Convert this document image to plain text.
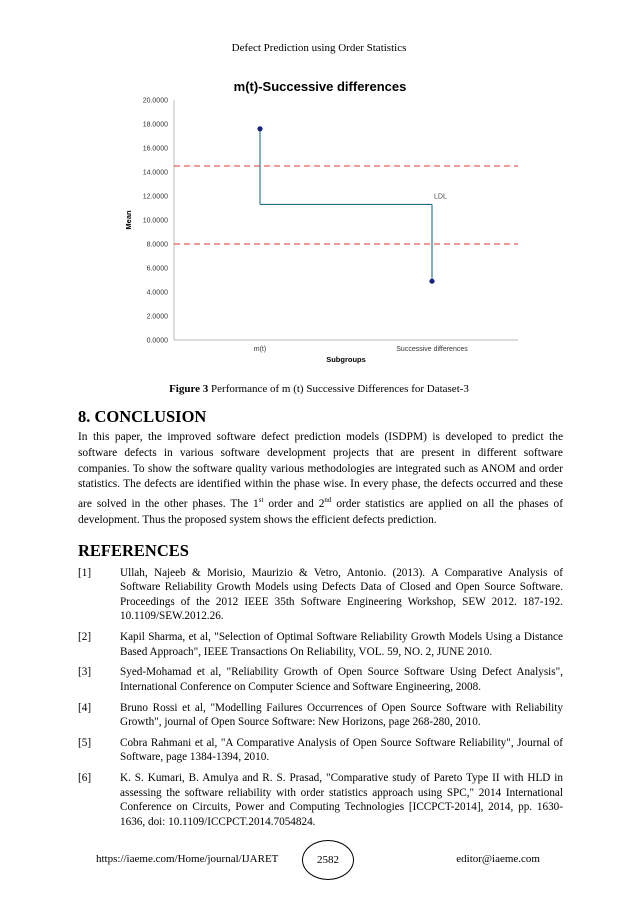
Defect Prediction using Order Statistics
m(t)-Successive differences
0.0000
2.0000
4.0000
6.0000
8.0000
10.0000
12.0000
14.0000
16.0000
18.0000
20.0000
m(t)	Successive differences
LDL
Subgroups
Mean
Figure 3 Performance of m (t) Successive Differences for Dataset-3

8. CONCLUSION

In this paper, the improved software defect prediction models (ISDPM) is developed to predict the software defects in various software development projects that are present in different software companies. To show the software quality various methodologies are integrated such as ANOM and order statistics. The defects are identified within the phase wise. In every phase, the defects occurred and these are solved in the other phases. The 1st order and 2nd order statistics are applied on all the phases of development. Thus the proposed system shows the efficient defects prediction.

REFERENCES

[1]	Ullah, Najeeb & Morisio, Maurizio & Vetro, Antonio. (2013). A Comparative Analysis of Software Reliability Growth Models using Defects Data of Closed and Open Source Software. Proceedings of the 2012 IEEE 35th Software Engineering Workshop, SEW 2012. 187-192. 10.1109/SEW.2012.26.
[2]	Kapil Sharma, et al, "Selection of Optimal Software Reliability Growth Models Using a Distance Based Approach", IEEE Transactions On Reliability, VOL. 59, NO. 2, JUNE 2010.
[3]	Syed-Mohamad et al, "Reliability Growth of Open Source Software Using Defect Analysis", International Conference on Computer Science and Software Engineering, 2008.
[4]	Bruno Rossi et al, "Modelling Failures Occurrences of Open Source Software with Reliability Growth", journal of Open Source Software: New Horizons, page 268-280, 2010.
[5]	Cobra Rahmani et al, "A Comparative Analysis of Open Source Software Reliability", Journal of Software, page 1384-1394, 2010.
[6]	K. S. Kumari, B. Amulya and R. S. Prasad, "Comparative study of Pareto Type II with HLD in assessing the software reliability with order statistics approach using SPC," 2014 International Conference on Circuits, Power and Computing Technologies [ICCPCT-2014], 2014, pp. 1630-1636, doi: 10.1109/ICCPCT.2014.7054824.
https://iaeme.com/Home/journal/IJARET	2582	editor@iaeme.com
